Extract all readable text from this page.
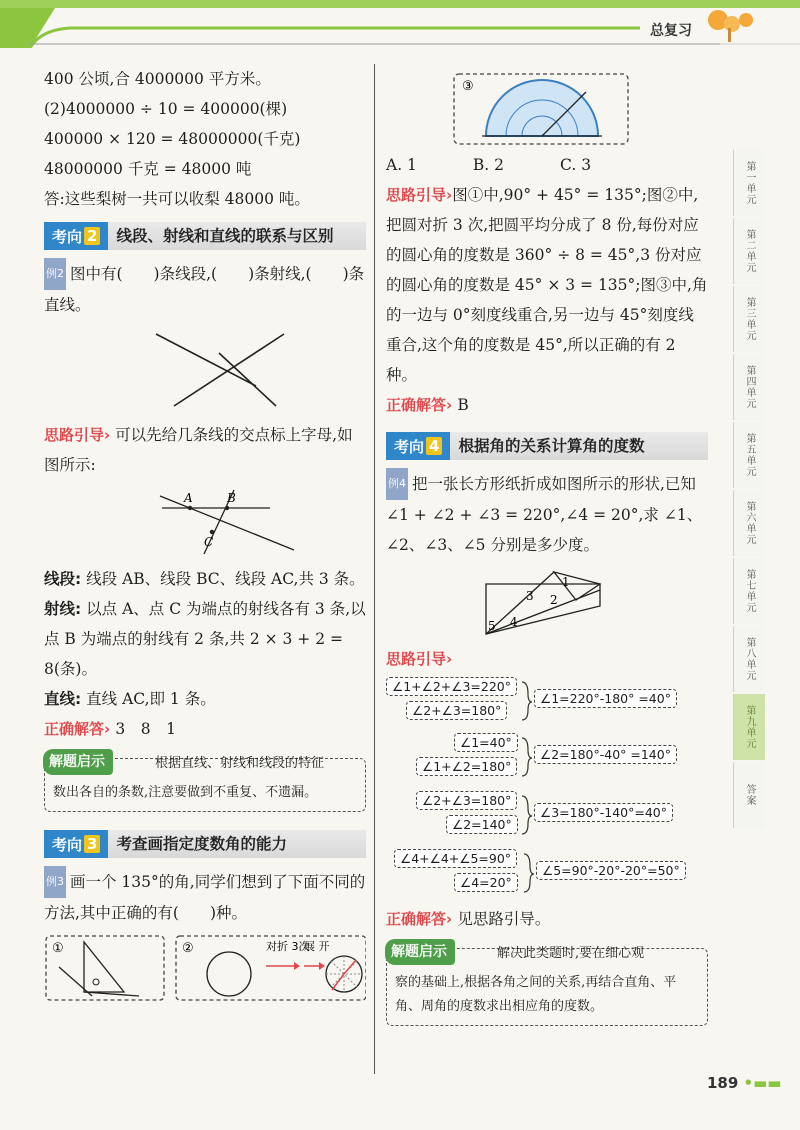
总复习
400 公顷,合 4000000 平方米。
(2)4000000 ÷ 10 = 400000(棵)
400000 × 120 = 48000000(千克)
48000000 千克 = 48000 吨
答:这些梨树一共可以收梨 48000 吨。
考向 2	线段、射线和直线的联系与区别
例2 图中有(　　)条线段,(　　)条射线,(　　)条直线。
思路引导› 可以先给几条线的交点标上字母,如图所示:
A	B
C
线段: 线段 AB、线段 BC、线段 AC,共 3 条。
射线: 以点 A、点 C 为端点的射线各有 3 条,以点 B 为端点的射线有 2 条,共 2 × 3 + 2 = 8(条)。
直线: 直线 AC,即 1 条。
正确解答› 3　8　1
解题启示	根据直线、射线和线段的特征
数出各自的条数,注意要做到不重复、不遗漏。
考向 3	考查画指定度数角的能力
例3 画一个 135°的角,同学们想到了下面不同的方法,其中正确的有(　　)种。
①	②	对折 3次
展 开
③
A. 1	B. 2	C. 3
思路引导›图①中,90° + 45° = 135°;图②中,把圆对折 3 次,把圆平均分成了 8 份,每份对应的圆心角的度数是 360° ÷ 8 = 45°,3 份对应的圆心角的度数是 45° × 3 = 135°;图③中,角的一边与 0°刻度线重合,另一边与 45°刻度线重合,这个角的度数是 45°,所以正确的有 2 种。
正确解答› B
考向 4	根据角的关系计算角的度数
例4 把一张长方形纸折成如图所示的形状,已知 ∠1 + ∠2 + ∠3 = 220°,∠4 = 20°,求 ∠1、∠2、∠3、∠5 分别是多少度。
1
2
3
4
5
思路引导›
∠1+∠2+∠3=220°
∠2+∠3=180°
∠1=220°-180° =40°
∠1=40°
∠1+∠2=180°
∠2=180°-40° =140°
∠2+∠3=180°
∠2=140°
∠3=180°-140°=40°
∠4+∠4+∠5=90°
∠4=20°
∠5=90°-20°-20°=50°
正确解答› 见思路引导。
解题启示	解决此类题时,要在细心观
察的基础上,根据各角之间的关系,再结合直角、平角、周角的度数求出相应角的度数。
第一单元
第二单元
第三单元
第四单元
第五单元
第六单元
第七单元
第八单元
第九单元
答案
189 •▬▬
